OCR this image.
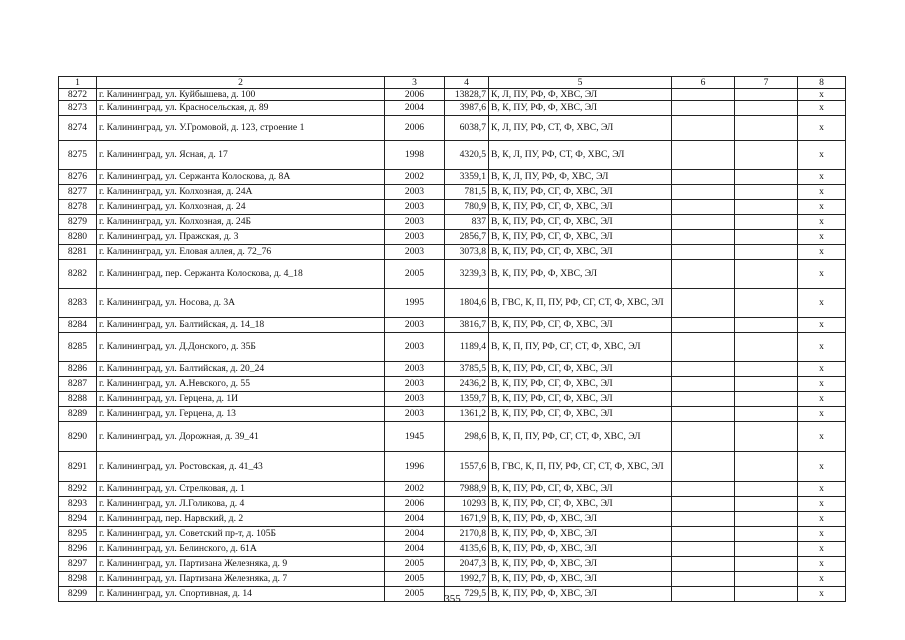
1	2	3	4	5	6	7	8
8272	г. Калининград, ул. Куйбышева, д. 100	2006	13828,7	К, Л, ПУ, РФ, Ф, ХВС, ЭЛ			х
8273	г. Калининград, ул. Красносельская, д. 89	2004	3987,6	В, К, ПУ, РФ, Ф, ХВС, ЭЛ			х
8274	г. Калининград, ул. У.Громовой, д. 123, строение 1	2006	6038,7	К, Л, ПУ, РФ, СТ, Ф, ХВС, ЭЛ			х
8275	г. Калининград, ул. Ясная, д. 17	1998	4320,5	В, К, Л, ПУ, РФ, СТ, Ф, ХВС, ЭЛ			х
8276	г. Калининград, ул. Сержанта Колоскова, д. 8А	2002	3359,1	В, К, Л, ПУ, РФ, Ф, ХВС, ЭЛ			х
8277	г. Калининград, ул. Колхозная, д. 24А	2003	781,5	В, К, ПУ, РФ, СГ, Ф, ХВС, ЭЛ			х
8278	г. Калининград, ул. Колхозная, д. 24	2003	780,9	В, К, ПУ, РФ, СГ, Ф, ХВС, ЭЛ			х
8279	г. Калининград, ул. Колхозная, д. 24Б	2003	837	В, К, ПУ, РФ, СГ, Ф, ХВС, ЭЛ			х
8280	г. Калининград, ул. Пражская, д. 3	2003	2856,7	В, К, ПУ, РФ, СГ, Ф, ХВС, ЭЛ			х
8281	г. Калининград, ул. Еловая аллея, д. 72_76	2003	3073,8	В, К, ПУ, РФ, СГ, Ф, ХВС, ЭЛ			х
8282	г. Калининград, пер. Сержанта Колоскова, д. 4_18	2005	3239,3	В, К, ПУ, РФ, Ф, ХВС, ЭЛ			х
8283	г. Калининград, ул. Носова, д. 3А	1995	1804,6	В, ГВС, К, П, ПУ, РФ, СГ, СТ, Ф, ХВС, ЭЛ			х
8284	г. Калининград, ул. Балтийская, д. 14_18	2003	3816,7	В, К, ПУ, РФ, СГ, Ф, ХВС, ЭЛ			х
8285	г. Калининград, ул. Д.Донского, д. 35Б	2003	1189,4	В, К, П, ПУ, РФ, СГ, СТ, Ф, ХВС, ЭЛ			х
8286	г. Калининград, ул. Балтийская, д. 20_24	2003	3785,5	В, К, ПУ, РФ, СГ, Ф, ХВС, ЭЛ			х
8287	г. Калининград, ул. А.Невского, д. 55	2003	2436,2	В, К, ПУ, РФ, СГ, Ф, ХВС, ЭЛ			х
8288	г. Калининград, ул. Герцена, д. 1И	2003	1359,7	В, К, ПУ, РФ, СГ, Ф, ХВС, ЭЛ			х
8289	г. Калининград, ул. Герцена, д. 13	2003	1361,2	В, К, ПУ, РФ, СГ, Ф, ХВС, ЭЛ			х
8290	г. Калининград, ул. Дорожная, д. 39_41	1945	298,6	В, К, П, ПУ, РФ, СГ, СТ, Ф, ХВС, ЭЛ			х
8291	г. Калининград, ул. Ростовская, д. 41_43	1996	1557,6	В, ГВС, К, П, ПУ, РФ, СГ, СТ, Ф, ХВС, ЭЛ			х
8292	г. Калининград, ул. Стрелковая, д. 1	2002	7988,9	В, К, ПУ, РФ, СГ, Ф, ХВС, ЭЛ			х
8293	г. Калининград, ул. Л.Голикова, д. 4	2006	10293	В, К, ПУ, РФ, СГ, Ф, ХВС, ЭЛ			х
8294	г. Калининград, пер. Нарвский, д. 2	2004	1671,9	В, К, ПУ, РФ, Ф, ХВС, ЭЛ			х
8295	г. Калининград, ул. Советский пр-т, д. 105Б	2004	2170,8	В, К, ПУ, РФ, Ф, ХВС, ЭЛ			х
8296	г. Калининград, ул. Белинского, д. 61А	2004	4135,6	В, К, ПУ, РФ, Ф, ХВС, ЭЛ			х
8297	г. Калининград, ул. Партизана Железняка, д. 9	2005	2047,3	В, К, ПУ, РФ, Ф, ХВС, ЭЛ			х
8298	г. Калининград, ул. Партизана Железняка, д. 7	2005	1992,7	В, К, ПУ, РФ, Ф, ХВС, ЭЛ			х
8299	г. Калининград, ул. Спортивная, д. 14	2005	729,5	В, К, ПУ, РФ, Ф, ХВС, ЭЛ			х
355
